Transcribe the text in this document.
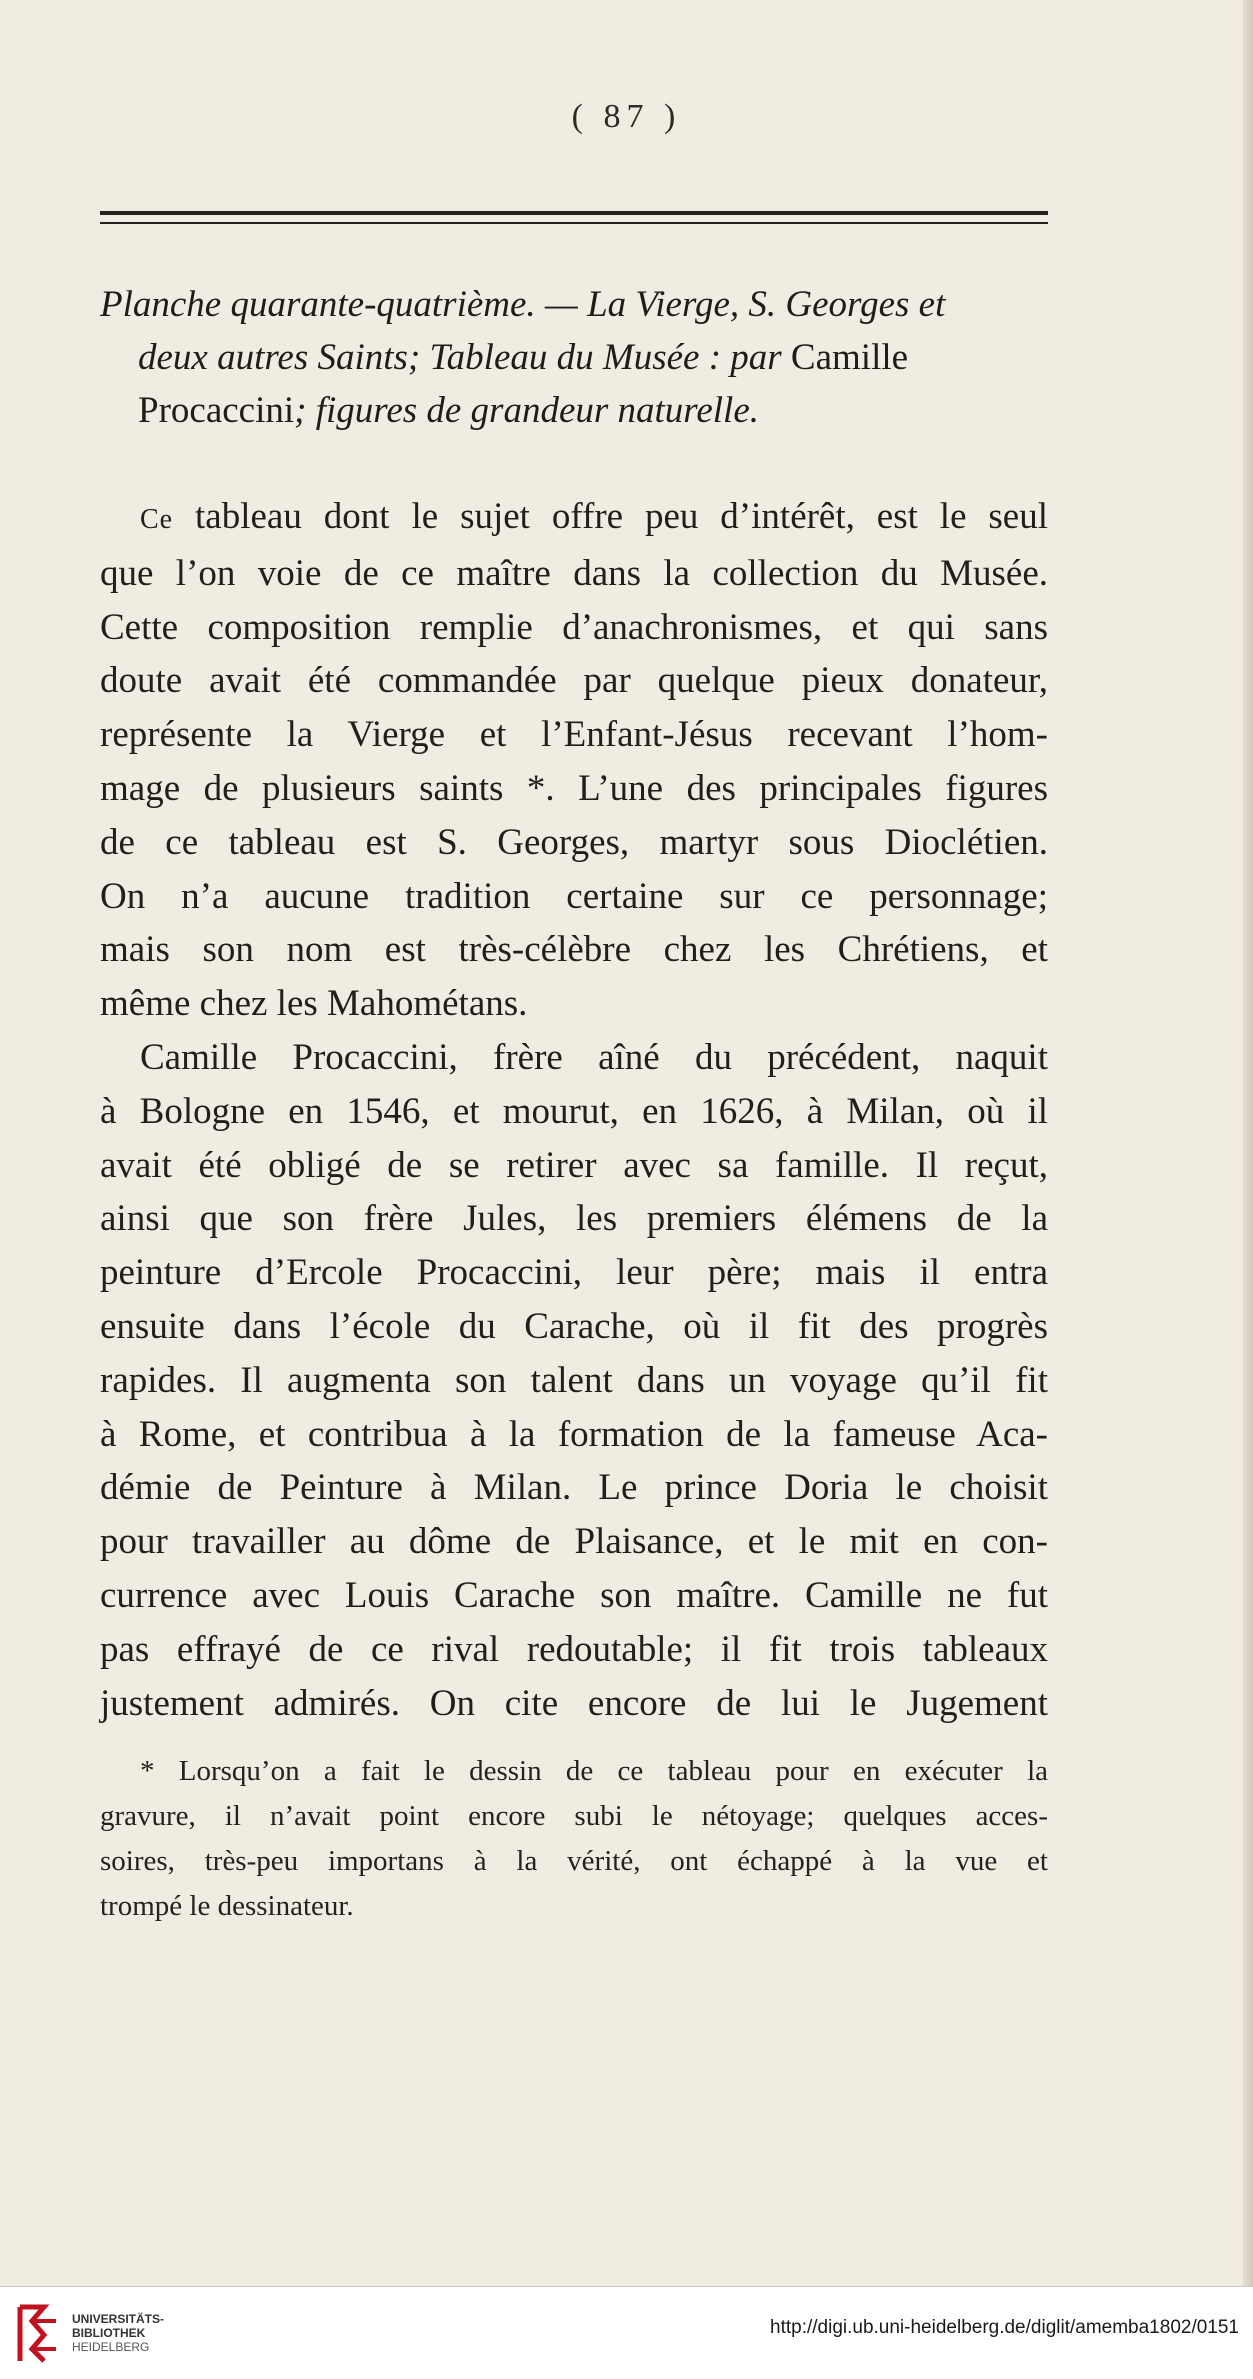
( 87 )
Planche quarante-quatrième. — La Vierge, S. Georges et
deux autres Saints; Tableau du Musée : par Camille
Procaccini; figures de grandeur naturelle.
Ce tableau dont le sujet offre peu d’intérêt, est le seul
que l’on voie de ce maître dans la collection du Musée.
Cette composition remplie d’anachronismes, et qui sans
doute avait été commandée par quelque pieux donateur,
représente la Vierge et l’Enfant-Jésus recevant l’hom-
mage de plusieurs saints *. L’une des principales figures
de ce tableau est S. Georges, martyr sous Dioclétien.
On n’a aucune tradition certaine sur ce personnage;
mais son nom est très-célèbre chez les Chrétiens, et
même chez les Mahométans.
Camille Procaccini, frère aîné du précédent, naquit
à Bologne en 1546, et mourut, en 1626, à Milan, où il
avait été obligé de se retirer avec sa famille. Il reçut,
ainsi que son frère Jules, les premiers élémens de la
peinture d’Ercole Procaccini, leur père; mais il entra
ensuite dans l’école du Carache, où il fit des progrès
rapides. Il augmenta son talent dans un voyage qu’il fit
à Rome, et contribua à la formation de la fameuse Aca-
démie de Peinture à Milan. Le prince Doria le choisit
pour travailler au dôme de Plaisance, et le mit en con-
currence avec Louis Carache son maître. Camille ne fut
pas effrayé de ce rival redoutable; il fit trois tableaux
justement admirés. On cite encore de lui le Jugement
* Lorsqu’on a fait le dessin de ce tableau pour en exécuter la
gravure, il n’avait point encore subi le nétoyage; quelques acces-
soires, très-peu importans à la vérité, ont échappé à la vue et
trompé le dessinateur.
UNIVERSITÄTS-
BIBLIOTHEK
HEIDELBERG
http://digi.ub.uni-heidelberg.de/diglit/amemba1802/0151
